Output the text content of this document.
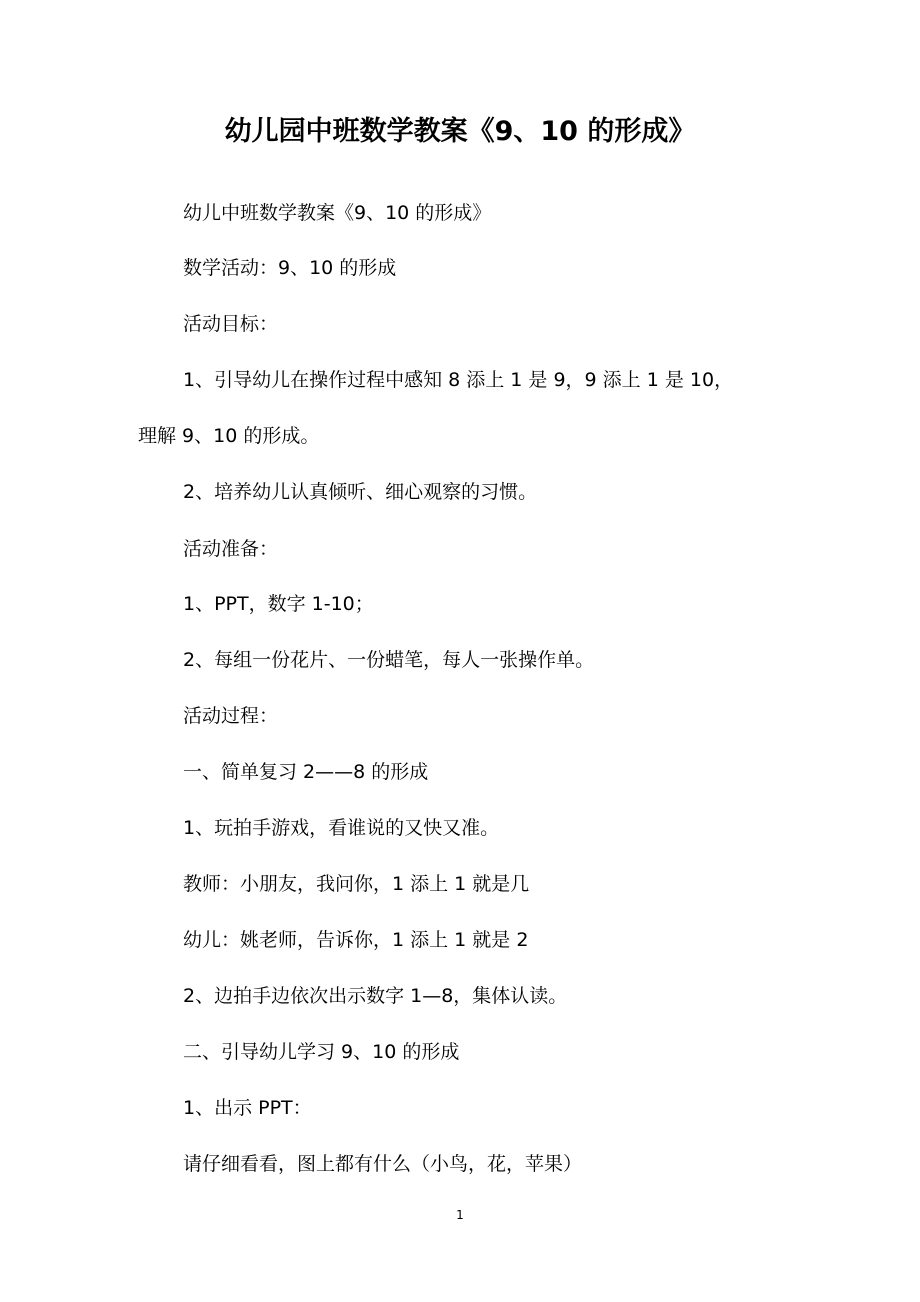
幼儿园中班数学教案《9、10 的形成》
幼儿中班数学教案《9、10 的形成》
数学活动：9、10 的形成
活动目标：
1、引导幼儿在操作过程中感知 8 添上 1 是 9，9 添上 1 是 10，
理解 9、10 的形成。
2、培养幼儿认真倾听、细心观察的习惯。
活动准备：
1、PPT，数字 1-10；
2、每组一份花片、一份蜡笔，每人一张操作单。
活动过程：
一、简单复习 2——8 的形成
1、玩拍手游戏，看谁说的又快又准。
教师：小朋友，我问你，1 添上 1 就是几
幼儿：姚老师，告诉你，1 添上 1 就是 2
2、边拍手边依次出示数字 1—8，集体认读。
二、引导幼儿学习 9、10 的形成
1、出示 PPT：
请仔细看看，图上都有什么（小鸟，花，苹果）
1
